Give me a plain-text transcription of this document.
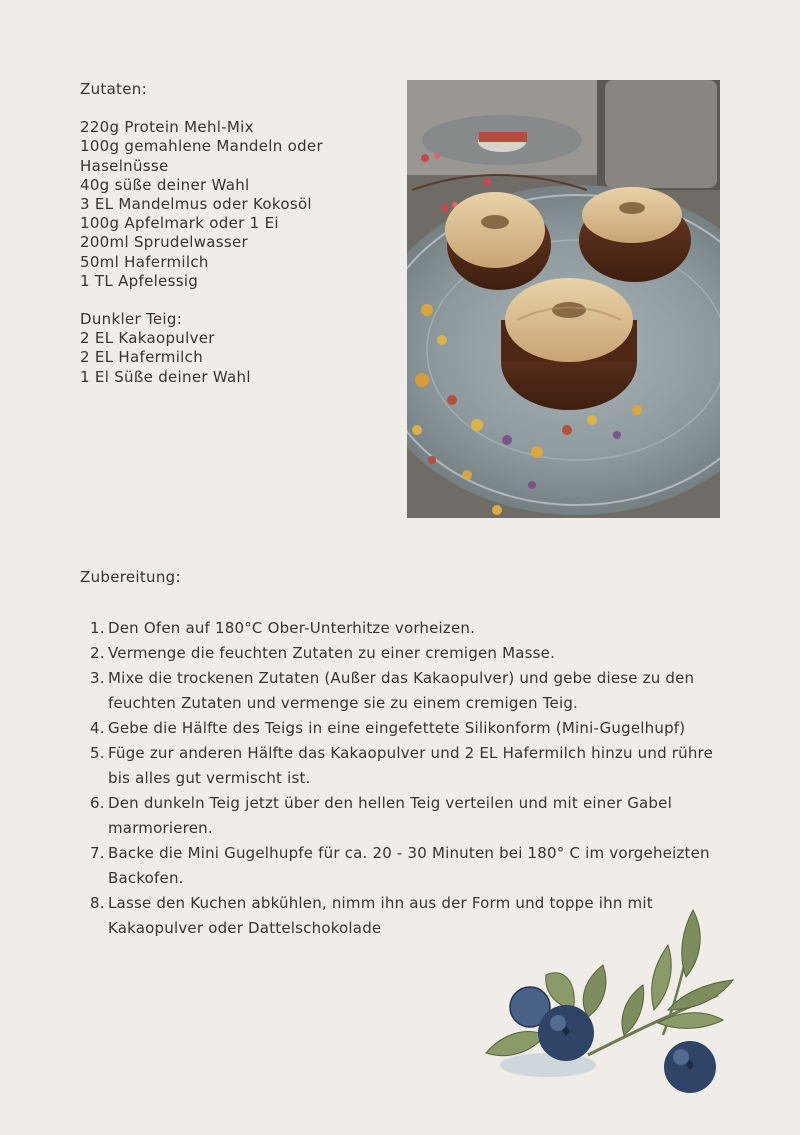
Zutaten:

220g Protein Mehl-Mix

100g gemahlene Mandeln oder

Haselnüsse

40g süße deiner Wahl

3 EL Mandelmus oder Kokosöl

100g Apfelmark oder 1 Ei

200ml Sprudelwasser

50ml Hafermilch

1 TL Apfelessig

Dunkler Teig:

2 EL Kakaopulver

2 EL Hafermilch

1 El Süße deiner Wahl

Zubereitung:

1. Den Ofen auf 180°C Ober-Unterhitze vorheizen.
2. Vermenge die feuchten Zutaten zu einer cremigen Masse.
3. Mixe die trockenen Zutaten (Außer das Kakaopulver) und gebe diese zu den feuchten Zutaten und vermenge sie zu einem cremigen Teig.
4. Gebe die Hälfte des Teigs in eine eingefettete Silikonform (Mini-Gugelhupf)
5. Füge zur anderen Hälfte das Kakaopulver und 2 EL Hafermilch hinzu und rühre bis alles gut vermischt ist.
6. Den dunkeln Teig jetzt über den hellen Teig verteilen und mit einer Gabel marmorieren.
7. Backe die Mini Gugelhupfe für ca. 20 - 30 Minuten bei 180° C im vorgeheizten Backofen.
8. Lasse den Kuchen abkühlen, nimm ihn aus der Form und toppe ihn mit Kakaopulver oder Dattelschokolade
